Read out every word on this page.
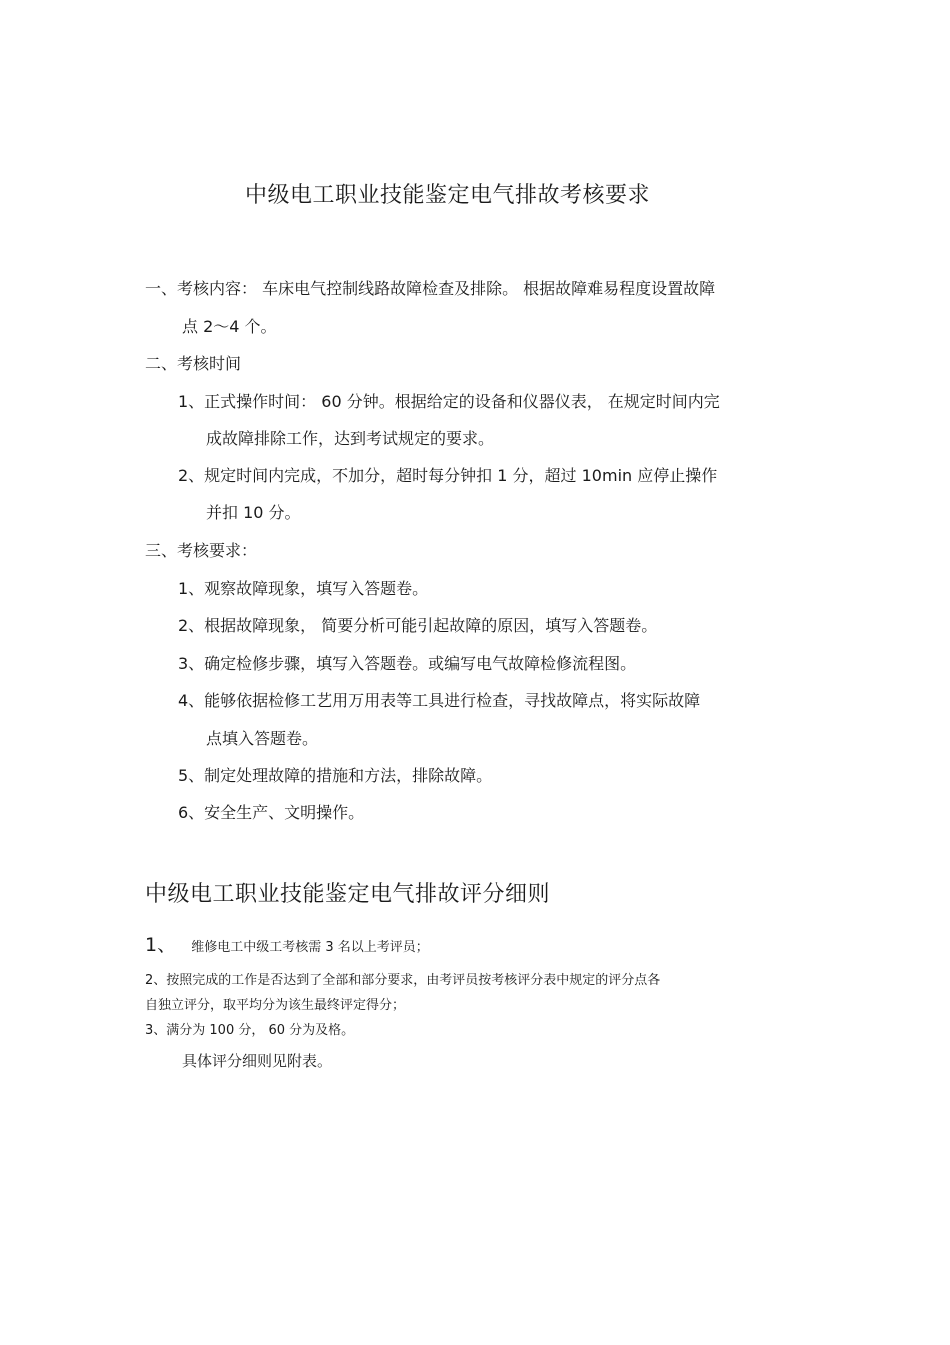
中级电工职业技能鉴定电气排故考核要求
一、考核内容： 车床电气控制线路故障检查及排除。 根据故障难易程度设置故障
点 2～4 个。
二、考核时间
1、正式操作时间： 60 分钟。根据给定的设备和仪器仪表， 在规定时间内完
成故障排除工作，达到考试规定的要求。
2、规定时间内完成，不加分，超时每分钟扣 1 分，超过 10min 应停止操作
并扣 10 分。
三、考核要求：
1、观察故障现象，填写入答题卷。
2、根据故障现象， 简要分析可能引起故障的原因，填写入答题卷。
3、确定检修步骤，填写入答题卷。或编写电气故障检修流程图。
4、能够依据检修工艺用万用表等工具进行检查，寻找故障点，将实际故障
点填入答题卷。
5、制定处理故障的措施和方法，排除故障。
6、安全生产、文明操作。
中级电工职业技能鉴定电气排故评分细则
1、 维修电工中级工考核需 3 名以上考评员；
2、按照完成的工作是否达到了全部和部分要求，由考评员按考核评分表中规定的评分点各
自独立评分，取平均分为该生最终评定得分；
3、满分为 100 分， 60 分为及格。
具体评分细则见附表。
